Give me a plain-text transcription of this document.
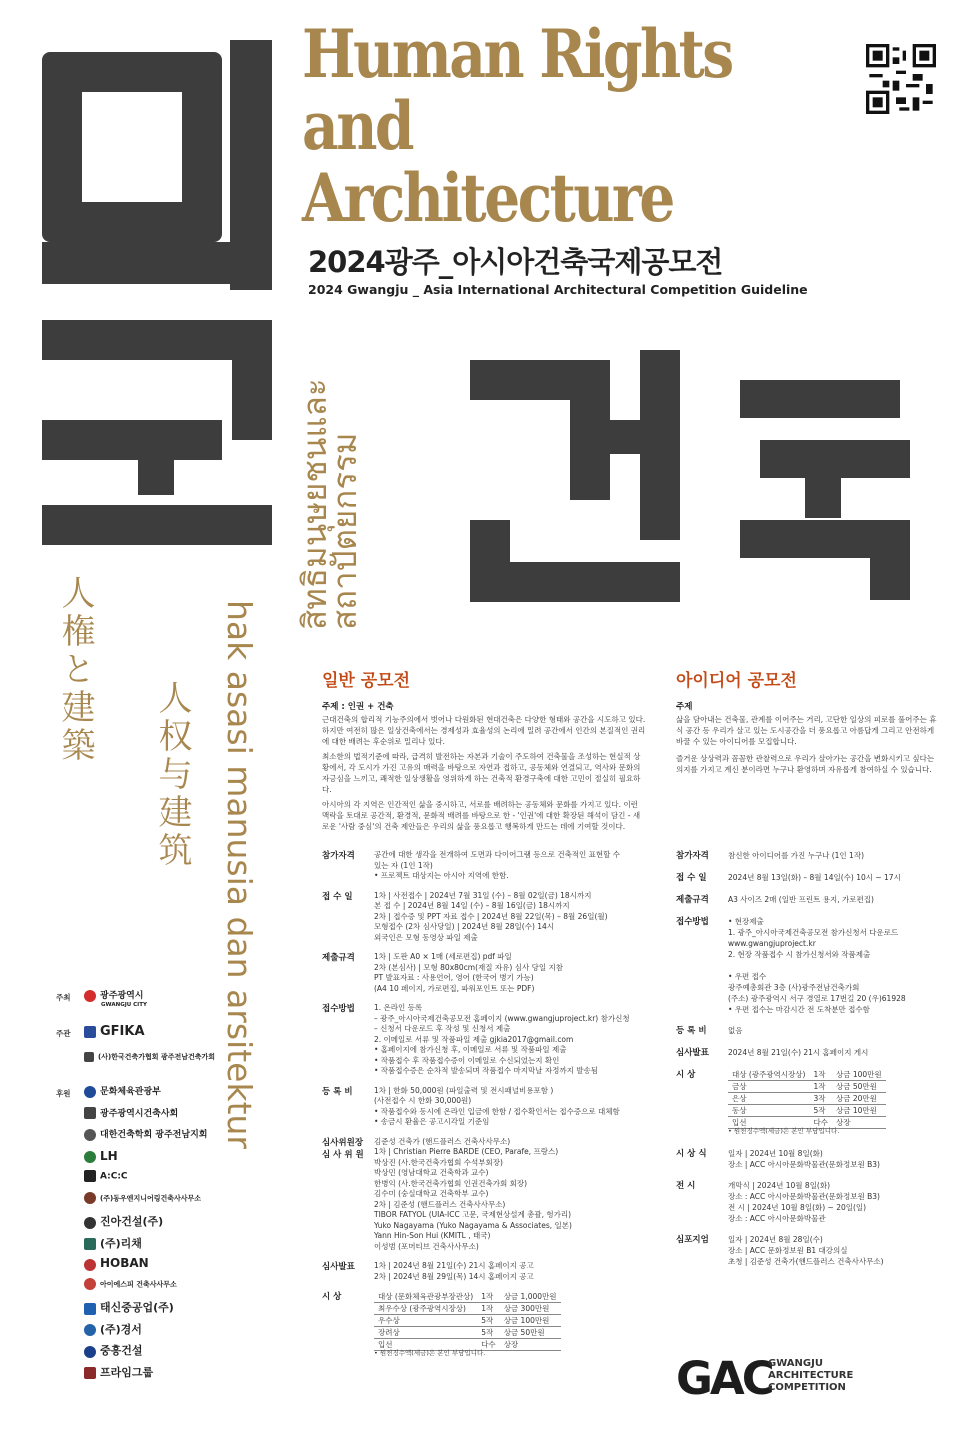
Human Rights and
Architecture
2024광주_아시아건축국제공모전
2024 Gwangju _ Asia International Architectural Competition Guideline
สิทธิมนุษยชนและสถาปัตยกรรม
人権と建築
人权与建筑 hak asasi manusia dan arsitektur	일반 공모전
주제 : 인권 + 건축

근대건축의 합리적 기능주의에서 벗어나 다원화된 현대건축은 다양한 형태와 공간을 시도하고 있다. 하지만 여전히 많은 일상건축에서는 경제성과 효율성의 논리에 밀려 공간에서 인간의 본질적인 권리에 대한 배려는 후순위로 밀리나 있다.

최소한의 법적기준에 따라, 급격히 발전하는 자본과 기술이 주도하여 건축물을 조성하는 현실적 상황에서, 각 도시가 가진 고유의 매력을 바탕으로 자연과 접하고, 공동체와 연결되고, 역사와 문화의 자긍심을 느끼고, 쾌적한 일상생활을 영위하게 하는 건축적 환경구축에 대한 고민이 절실히 필요하다.

아시아의 각 지역은 인간적인 삶을 중시하고, 서로를 배려하는 공동체와 문화를 가지고 있다. 이런 맥락을 토대로 공간적, 환경적, 문화적 배려를 바탕으로 한 - '인권'에 대한 확장된 해석이 담긴 - 새로운 '사람 중심'의 건축 제안들은 우리의 삶을 풍요롭고 행복하게 만드는 데에 기여할 것이다.

참가자격	공간에 대한 생각을 전개하여 도면과 다이어그램 등으로 건축적인 표현할 수
있는 자 (1인 1작)
• 프로젝트 대상지는 아시아 지역에 한함.
접 수 일	1차 | 사전접수 | 2024년 7월 31일 (수) – 8월 02일(금) 18시까지
본 접 수 | 2024년 8월 14일 (수) – 8월 16일(금) 18시까지
2차 | 접수증 및 PPT 자료 접수 | 2024년 8월 22일(목) – 8월 26일(월)
모형접수 (2차 심사당일) | 2024년 8월 28일(수) 14시
외국인은 모형 동영상 파일 제출
제출규격	1차 | 도판 A0 × 1매 (세로편집) pdf 파일
2차 (본심사) | 모형 80x80cm(재질 자유) 심사 당일 지참
PT 발표자료 : 사용언어, 영어 (한국어 병기 가능)
(A4 10 페이지, 가로편집, 파워포인트 또는 PDF)
접수방법	1. 온라인 등록
– 광주_아시아국제건축공모전 홈페이지 (www.gwangjuproject.kr) 참가신청
– 신청서 다운로드 후 작성 및 신청서 제출
2. 이메일로 서류 및 작품파일 제출 gjkia2017@gmail.com
• 홈페이지에 참가신청 후, 이메일로 서류 및 작품파일 제출
• 작품접수 후 작품접수증이 이메일로 수신되었는지 확인
• 작품접수증은 순차적 발송되며 작품접수 마지막날 자정까지 발송됨
등 록 비	1차 | 한화 50,000원 (파일출력 및 전시패널비용포함 )
(사전접수 시 한화 30,000원)
• 작품접수와 동시에 온라인 입금에 한함 / 접수확인서는 접수증으로 대체함
• 송금시 환율은 공고시각일 기준임
심사위원장
심 사 위 원
김준성 건축가 (핸드플러스 건축사사무소)
1차 | Christian Pierre BARDE (CEO, Parafe, 프랑스)
박상진 (사.한국건축가협회 수석부회장)
박상민 (영남대학교 건축학과 교수)
한병익 (사.한국건축가협회 인권건축가회 회장)
김수미 (숭실대학교 건축학부 교수)
2차 | 김준성 (핸드플러스 건축사사무소)
TIBOR FATYOL (UIA-ICC 고문, 국제현상설계 총괄, 헝가리)
Yuko Nagayama (Yuko Nagayama & Associates, 일본)
Yann Hin-Son Hui (KMITL , 태국)
이성범 (포머티브 건축사사무소)
심사발표	1차 | 2024년 8월 21일(수) 21시 홈페이지 공고
2차 | 2024년 8월 29일(목) 14시 홈페이지 공고
시 상	대상 (문화체육관광부장관상)	1작	상금 1,000만원
최우수상 (광주광역시장상)	1작	상금 300만원
우수상	5작	상금 100만원
장려상	5작	상금 50만원
입선	다수	상장
• 원천징수액(세금)은 본인 부담입니다.
아이디어 공모전
주제

삶을 담아내는 건축물, 관계를 이어주는 거리, 고단한 일상의 피로를 풀어주는 휴식 공간 등 우리가 살고 있는 도시공간을 더 풍요롭고 아름답게 그리고 안전하게 바꿀 수 있는 아이디어를 모집합니다.

즐거운 상상력과 꼼꼼한 관찰력으로 우리가 살아가는 공간을 변화시키고 싶다는 의지를 가지고 계신 분이라면 누구나 환영하며 자유롭게 참여하실 수 있습니다.

참가자격	참신한 아이디어를 가진 누구나 (1인 1작)
접 수 일	2024년 8월 13일(화) – 8월 14일(수) 10시 ~ 17시
제출규격	A3 사이즈 2매 (일반 프린트 용지, 가로편집)
접수방법	• 현장제출
1. 광주_아시아국제건축공모전 참가신청서 다운로드
www.gwangjuproject.kr
2. 현장 작품접수 시 참가신청서와 작품제출
• 우편 접수
광주예총회관 3층 (사)광주전남건축가회
(주소) 광주광역시 서구 경열로 17번길 20 (우)61928
• 우편 접수는 마감시간 전 도착분만 접수함
등 록 비	없음
심사발표	2024년 8월 21일(수) 21시 홈페이지 게시
시 상	대상 (광주광역시장상)	1작	상금 100만원
금상	1작	상금 50만원
은상	3작	상금 20만원
동상	5작	상금 10만원
입선	다수	상장
• 원천징수액(세금)은 본인 부담입니다.
시 상 식	일자 | 2024년 10월 8일(화)
장소 | ACC 아시아문화박물관(문화정보원 B3)
전 시	개막식 | 2024년 10월 8일(화)
장소 : ACC 아시아문화박물관(문화정보원 B3)
전 시 | 2024년 10월 8일(화) ~ 20일(일)
장소 : ACC 아시아문화박물관
심포지엄	일자 | 2024년 8월 28일(수)
장소 | ACC 문화정보원 B1 대강의실
초청 | 김준성 건축가(핸드플러스 건축사사무소)
주최	광주광역시
GWANGJU CITY
주관	GFIKA
(사)한국건축가협회 광주전남건축가회
후원	문화체육관광부
광주광역시건축사회
대한건축학회 광주전남지회
LH
A:C:C
(주)동우엔지니어링건축사사무소
진아건설(주)
(주)리채
HOBAN
아이에스피 건축사사무소
태신중공업(주)
(주)경서
중흥건설
프라임그룹	GAC
GWANGJU
ARCHITECTURE
COMPETITION
